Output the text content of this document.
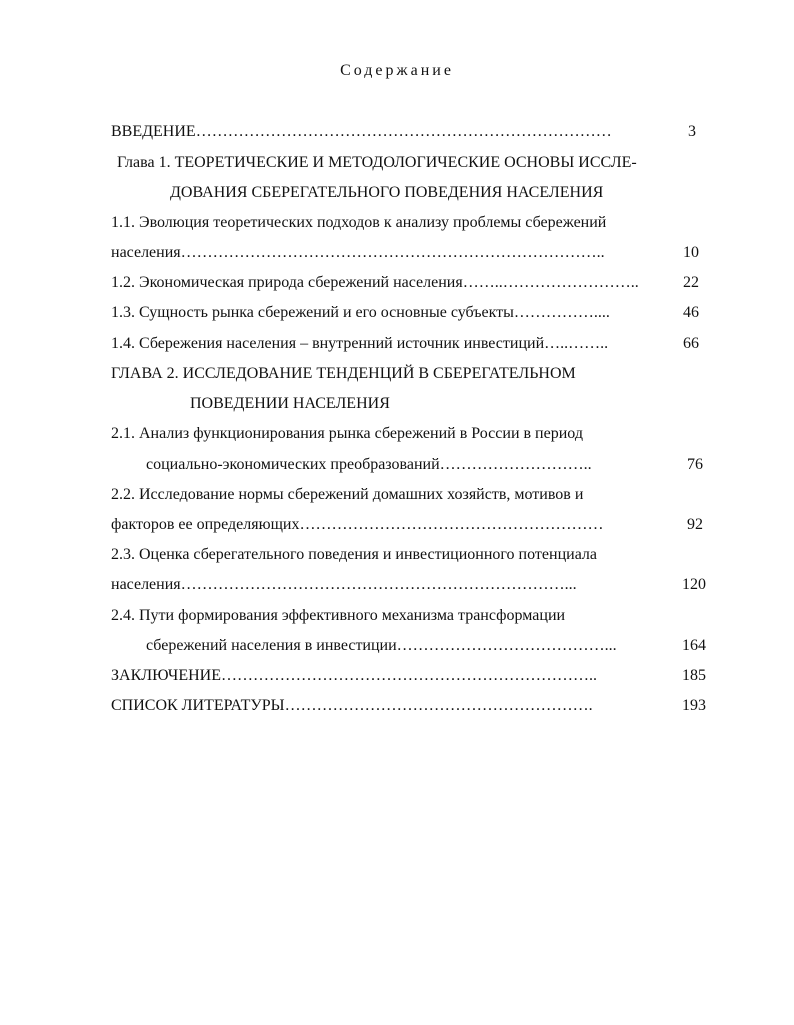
Содержание
ВВЕДЕНИЕ……………………………………………………………………	3
Глава 1. ТЕОРЕТИЧЕСКИЕ И МЕТОДОЛОГИЧЕСКИЕ ОСНОВЫ ИССЛЕ-
ДОВАНИЯ СБЕРЕГАТЕЛЬНОГО ПОВЕДЕНИЯ НАСЕЛЕНИЯ
1.1. Эволюция теоретических подходов к анализу проблемы сбережений
населения……………………………………………………………………..	10
1.2. Экономическая природа сбережений населения……..……………………..	22
1.3. Сущность рынка сбережений и его основные субъекты……………....	46
1.4. Сбережения населения – внутренний источник инвестиций…..……..	66
ГЛАВА 2. ИССЛЕДОВАНИЕ ТЕНДЕНЦИЙ В СБЕРЕГАТЕЛЬНОМ
ПОВЕДЕНИИ НАСЕЛЕНИЯ
2.1. Анализ функционирования рынка сбережений в России в период
социально-экономических преобразований………………………..	76
2.2. Исследование нормы сбережений домашних хозяйств, мотивов и
факторов ее определяющих…………………………………………………	92
2.3. Оценка сберегательного поведения и инвестиционного потенциала
населения………………………………………………………………...	120
2.4. Пути формирования эффективного механизма трансформации
сбережений населения в инвестиции…………………………………...	164
ЗАКЛЮЧЕНИЕ……………………………………………………………..	185
СПИСОК ЛИТЕРАТУРЫ………………………………………………….	193
